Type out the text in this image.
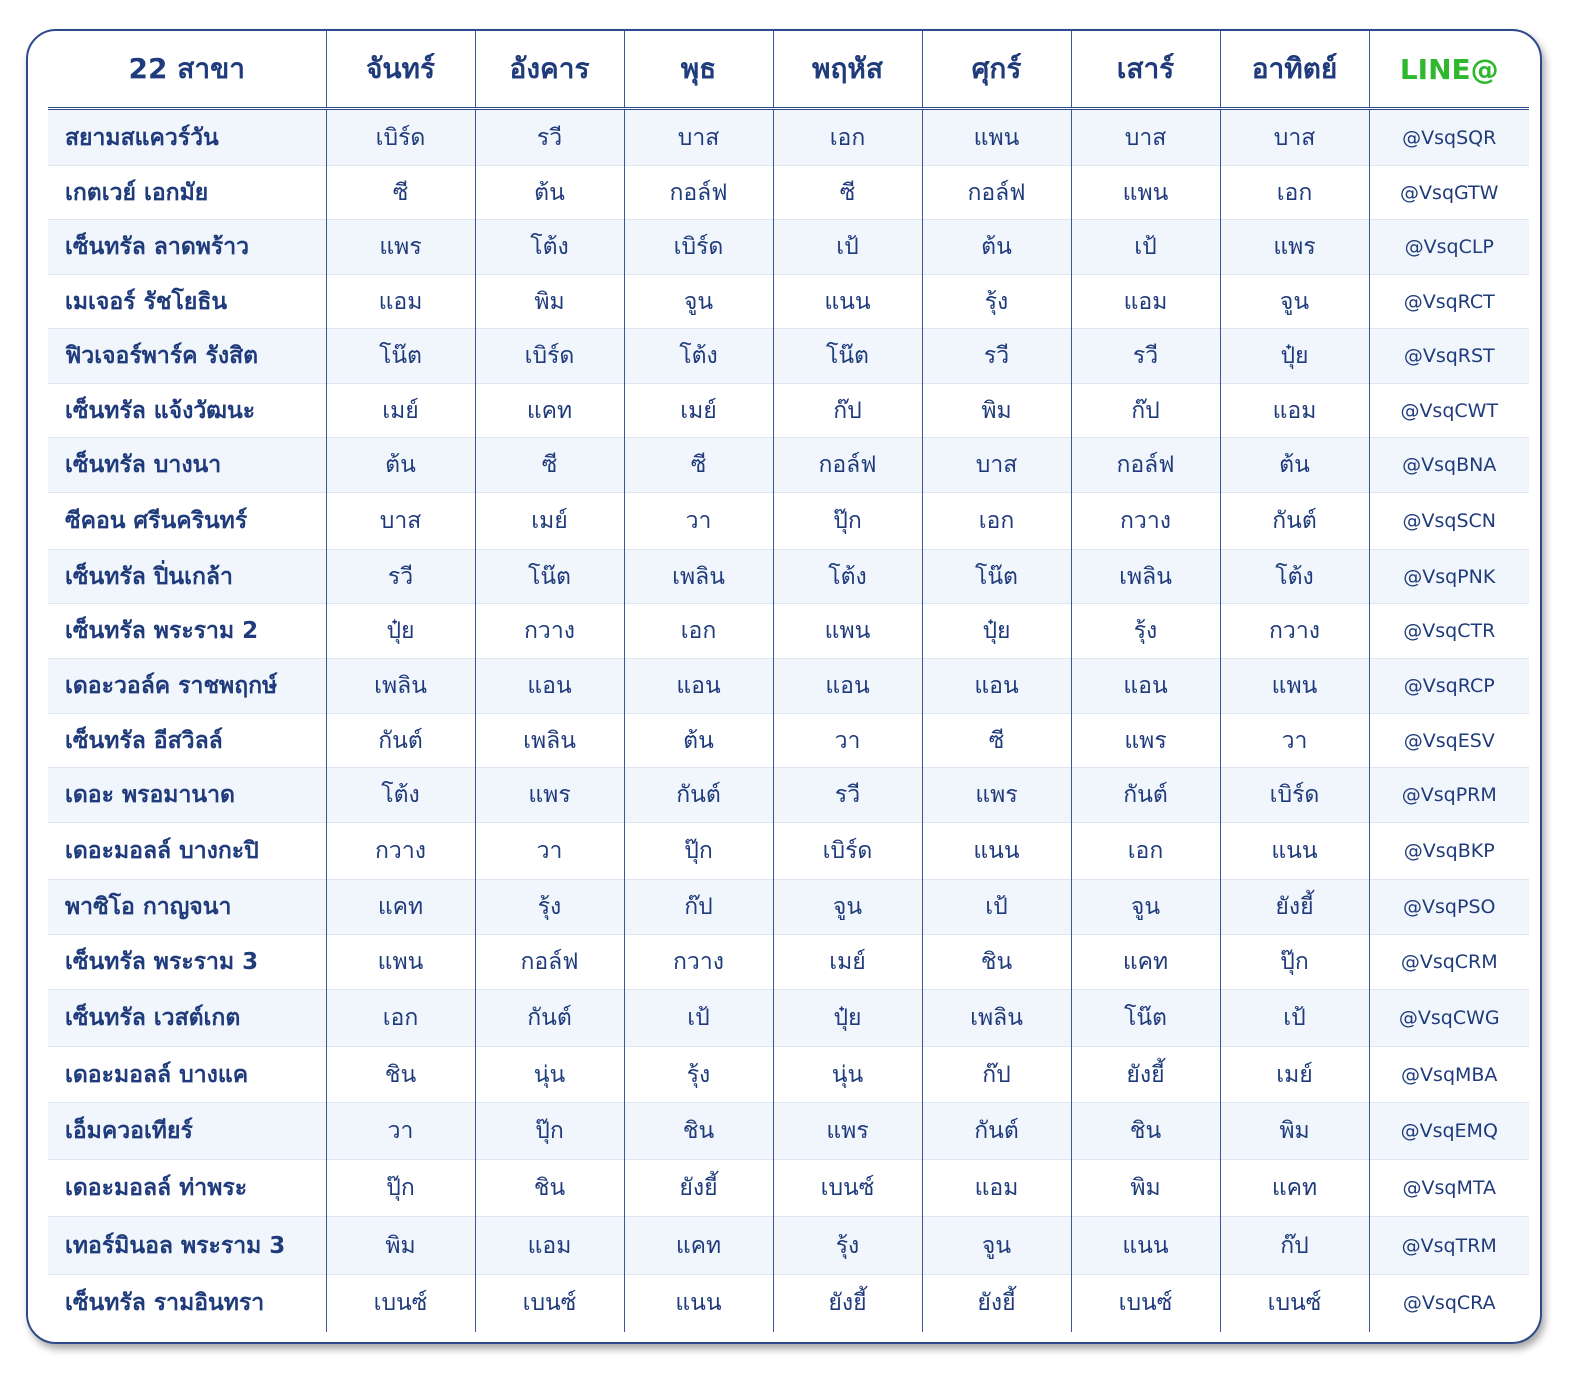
22 สาขา	จันทร์	อังคาร	พุธ	พฤหัส	ศุกร์	เสาร์	อาทิตย์	LINE@
สยามสแควร์วัน	เบิร์ด	รวี	บาส	เอก	แพน	บาส	บาส	@VsqSQR
เกตเวย์ เอกมัย	ซี	ต้น	กอล์ฟ	ซี	กอล์ฟ	แพน	เอก	@VsqGTW
เซ็นทรัล ลาดพร้าว	แพร	โต้ง	เบิร์ด	เป้	ต้น	เป้	แพร	@VsqCLP
เมเจอร์ รัชโยธิน	แอม	พิม	จูน	แนน	รุ้ง	แอม	จูน	@VsqRCT
ฟิวเจอร์พาร์ค รังสิต	โน๊ต	เบิร์ด	โต้ง	โน๊ต	รวี	รวี	ปุ๋ย	@VsqRST
เซ็นทรัล แจ้งวัฒนะ	เมย์	แคท	เมย์	ก๊ป	พิม	ก๊ป	แอม	@VsqCWT
เซ็นทรัล บางนา	ต้น	ซี	ซี	กอล์ฟ	บาส	กอล์ฟ	ต้น	@VsqBNA
ซีคอน ศรีนครินทร์	บาส	เมย์	วา	ปุ๊ก	เอก	กวาง	กันต์	@VsqSCN
เซ็นทรัล ปิ่นเกล้า	รวี	โน๊ต	เพลิน	โต้ง	โน๊ต	เพลิน	โต้ง	@VsqPNK
เซ็นทรัล พระราม 2	ปุ๋ย	กวาง	เอก	แพน	ปุ๋ย	รุ้ง	กวาง	@VsqCTR
เดอะวอล์ค ราชพฤกษ์	เพลิน	แอน	แอน	แอน	แอน	แอน	แพน	@VsqRCP
เซ็นทรัล อีสวิลล์	กันต์	เพลิน	ต้น	วา	ซี	แพร	วา	@VsqESV
เดอะ พรอมานาด	โต้ง	แพร	กันต์	รวี	แพร	กันต์	เบิร์ด	@VsqPRM
เดอะมอลล์ บางกะปิ	กวาง	วา	ปุ๊ก	เบิร์ด	แนน	เอก	แนน	@VsqBKP
พาซิโอ กาญจนา	แคท	รุ้ง	ก๊ป	จูน	เป้	จูน	ยังยี้	@VsqPSO
เซ็นทรัล พระราม 3	แพน	กอล์ฟ	กวาง	เมย์	ชิน	แคท	ปุ๊ก	@VsqCRM
เซ็นทรัล เวสต์เกต	เอก	กันต์	เป้	ปุ๋ย	เพลิน	โน๊ต	เป้	@VsqCWG
เดอะมอลล์ บางแค	ชิน	นุ่น	รุ้ง	นุ่น	ก๊ป	ยังยี้	เมย์	@VsqMBA
เอ็มควอเทียร์	วา	ปุ๊ก	ชิน	แพร	กันต์	ชิน	พิม	@VsqEMQ
เดอะมอลล์ ท่าพระ	ปุ๊ก	ชิน	ยังยี้	เบนซ์	แอม	พิม	แคท	@VsqMTA
เทอร์มินอล พระราม 3	พิม	แอม	แคท	รุ้ง	จูน	แนน	ก๊ป	@VsqTRM
เซ็นทรัล รามอินทรา	เบนซ์	เบนซ์	แนน	ยังยี้	ยังยี้	เบนซ์	เบนซ์	@VsqCRA
